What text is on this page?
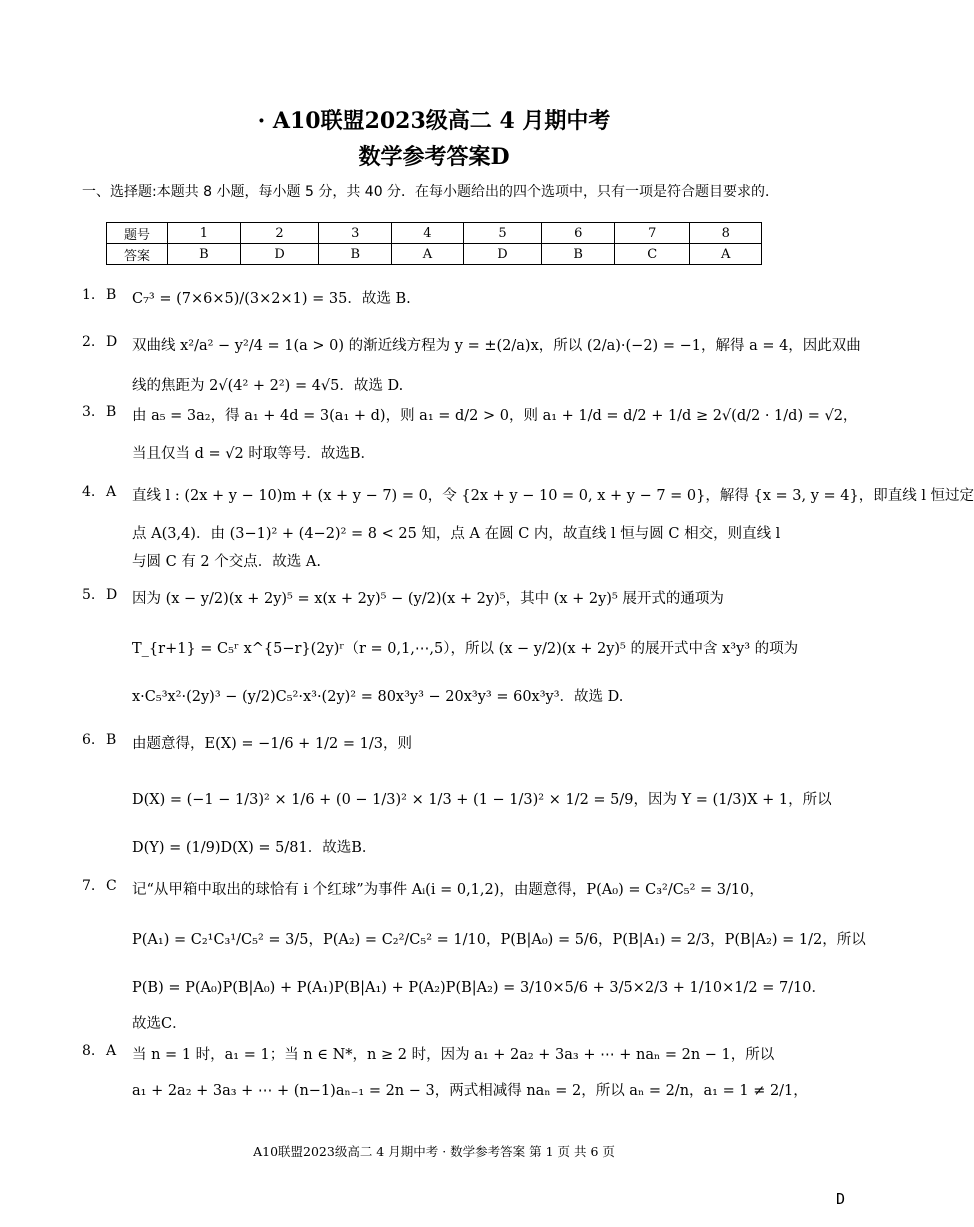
· A10联盟2023级高二 4 月期中考
数学参考答案D
一、选择题:本题共 8 小题，每小题 5 分，共 40 分．在每小题给出的四个选项中，只有一项是符合题目要求的．
题号	1	2	3	4	5	6	7	8
答案	B	D	B	A	D	B	C	A
1. B C₇³ = (7×6×5)/(3×2×1) = 35．故选 B.
2. D 双曲线 x²/a² − y²/4 = 1(a > 0) 的渐近线方程为 y = ±(2/a)x，所以 (2/a)·(−2) = −1，解得 a = 4，因此双曲
线的焦距为 2√(4² + 2²) = 4√5．故选 D.
3. B 由 a₅ = 3a₂，得 a₁ + 4d = 3(a₁ + d)，则 a₁ = d/2 > 0，则 a₁ + 1/d = d/2 + 1/d ≥ 2√(d/2 · 1/d) = √2，
当且仅当 d = √2 时取等号．故选B．
4. A 直线 l : (2x + y − 10)m + (x + y − 7) = 0，令 {2x + y − 10 = 0, x + y − 7 = 0}，解得 {x = 3, y = 4}，即直线 l 恒过定
点 A(3,4)．由 (3−1)² + (4−2)² = 8 < 25 知，点 A 在圆 C 内，故直线 l 恒与圆 C 相交，则直线 l
与圆 C 有 2 个交点．故选 A.
5. D 因为 (x − y/2)(x + 2y)⁵ = x(x + 2y)⁵ − (y/2)(x + 2y)⁵，其中 (x + 2y)⁵ 展开式的通项为
T_{r+1} = C₅ʳ x^{5−r}(2y)ʳ（r = 0,1,⋯,5），所以 (x − y/2)(x + 2y)⁵ 的展开式中含 x³y³ 的项为
x·C₅³x²·(2y)³ − (y/2)C₅²·x³·(2y)² = 80x³y³ − 20x³y³ = 60x³y³．故选 D.
6. B 由题意得，E(X) = −1/6 + 1/2 = 1/3，则
D(X) = (−1 − 1/3)² × 1/6 + (0 − 1/3)² × 1/3 + (1 − 1/3)² × 1/2 = 5/9，因为 Y = (1/3)X + 1，所以
D(Y) = (1/9)D(X) = 5/81．故选B．
7. C 记“从甲箱中取出的球恰有 i 个红球”为事件 Aᵢ(i = 0,1,2)，由题意得，P(A₀) = C₃²/C₅² = 3/10，
P(A₁) = C₂¹C₃¹/C₅² = 3/5，P(A₂) = C₂²/C₅² = 1/10，P(B|A₀) = 5/6，P(B|A₁) = 2/3，P(B|A₂) = 1/2，所以
P(B) = P(A₀)P(B|A₀) + P(A₁)P(B|A₁) + P(A₂)P(B|A₂) = 3/10×5/6 + 3/5×2/3 + 1/10×1/2 = 7/10．
故选C．
8. A 当 n = 1 时，a₁ = 1；当 n ∈ N*，n ≥ 2 时，因为 a₁ + 2a₂ + 3a₃ + ⋯ + naₙ = 2n − 1，所以
a₁ + 2a₂ + 3a₃ + ⋯ + (n−1)aₙ₋₁ = 2n − 3，两式相减得 naₙ = 2，所以 aₙ = 2/n，a₁ = 1 ≠ 2/1，
A10联盟2023级高二 4 月期中考 · 数学参考答案 第 1 页 共 6 页
D
